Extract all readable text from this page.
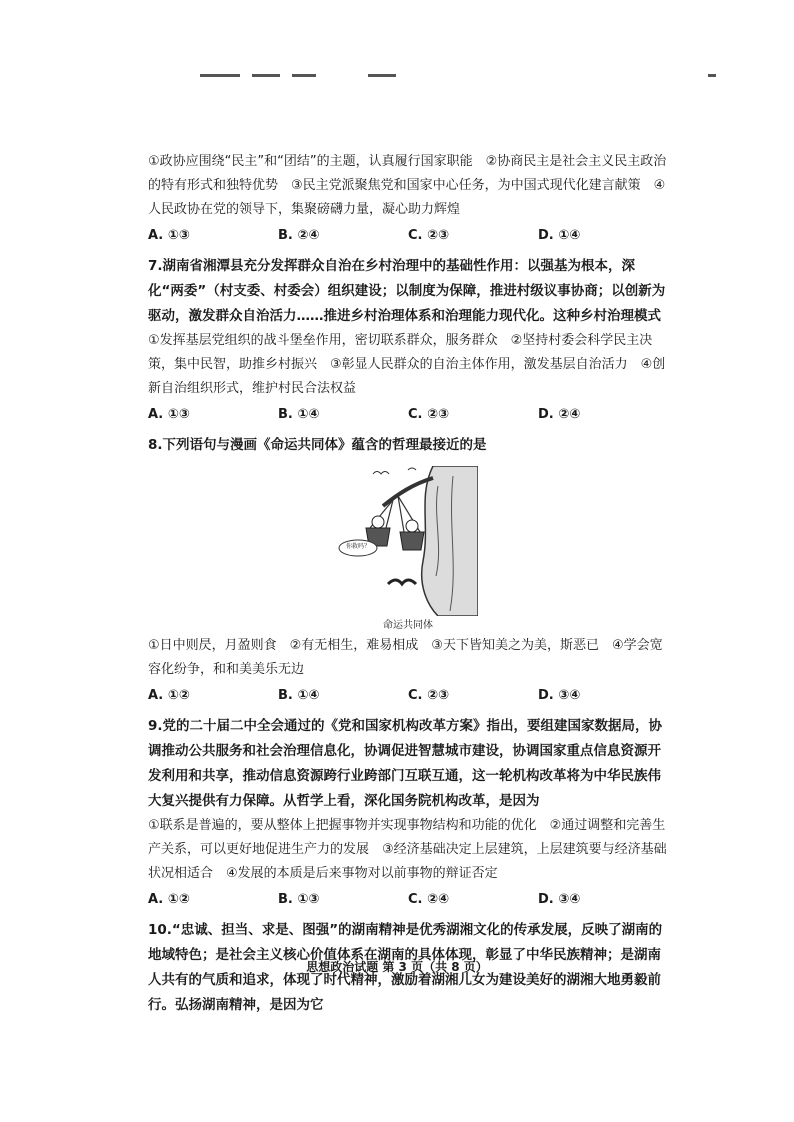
①政协应围绕“民主”和“团结”的主题，认真履行国家职能　②协商民主是社会主义民主政治的特有形式和独特优势　③民主党派聚焦党和国家中心任务，为中国式现代化建言献策　④人民政协在党的领导下，集聚磅礴力量，凝心助力辉煌

A. ①③	B. ②④	C. ②③	D. ①④

7.湖南省湘潭县充分发挥群众自治在乡村治理中的基础性作用：以强基为根本，深化“两委”（村支委、村委会）组织建设；以制度为保障，推进村级议事协商；以创新为驱动，激发群众自治活力……推进乡村治理体系和治理能力现代化。这种乡村治理模式

①发挥基层党组织的战斗堡垒作用，密切联系群众，服务群众　②坚持村委会科学民主决策，集中民智，助推乡村振兴　③彰显人民群众的自治主体作用，激发基层自治活力　④创新自治组织形式，维护村民合法权益

A. ①③	B. ①④	C. ②③	D. ②④

8.下列语句与漫画《命运共同体》蕴含的哲理最接近的是

命运共同体

①日中则昃，月盈则食　②有无相生，难易相成　③天下皆知美之为美，斯恶已　④学会宽容化纷争，和和美美乐无边

A. ①②	B. ①④	C. ②③	D. ③④

9.党的二十届二中全会通过的《党和国家机构改革方案》指出，要组建国家数据局，协调推动公共服务和社会治理信息化，协调促进智慧城市建设，协调国家重点信息资源开发利用和共享，推动信息资源跨行业跨部门互联互通，这一轮机构改革将为中华民族伟大复兴提供有力保障。从哲学上看，深化国务院机构改革，是因为

①联系是普遍的，要从整体上把握事物并实现事物结构和功能的优化　②通过调整和完善生产关系，可以更好地促进生产力的发展　③经济基础决定上层建筑，上层建筑要与经济基础状况相适合　④发展的本质是后来事物对以前事物的辩证否定

A. ①②	B. ①③	C. ②④	D. ③④

10.“忠诚、担当、求是、图强”的湖南精神是优秀湖湘文化的传承发展，反映了湖南的地域特色；是社会主义核心价值体系在湖南的具体体现，彰显了中华民族精神；是湖南人共有的气质和追求，体现了时代精神，激励着湖湘儿女为建设美好的湖湘大地勇毅前行。弘扬湖南精神，是因为它

思想政治试题 第 3 页（共 8 页）
